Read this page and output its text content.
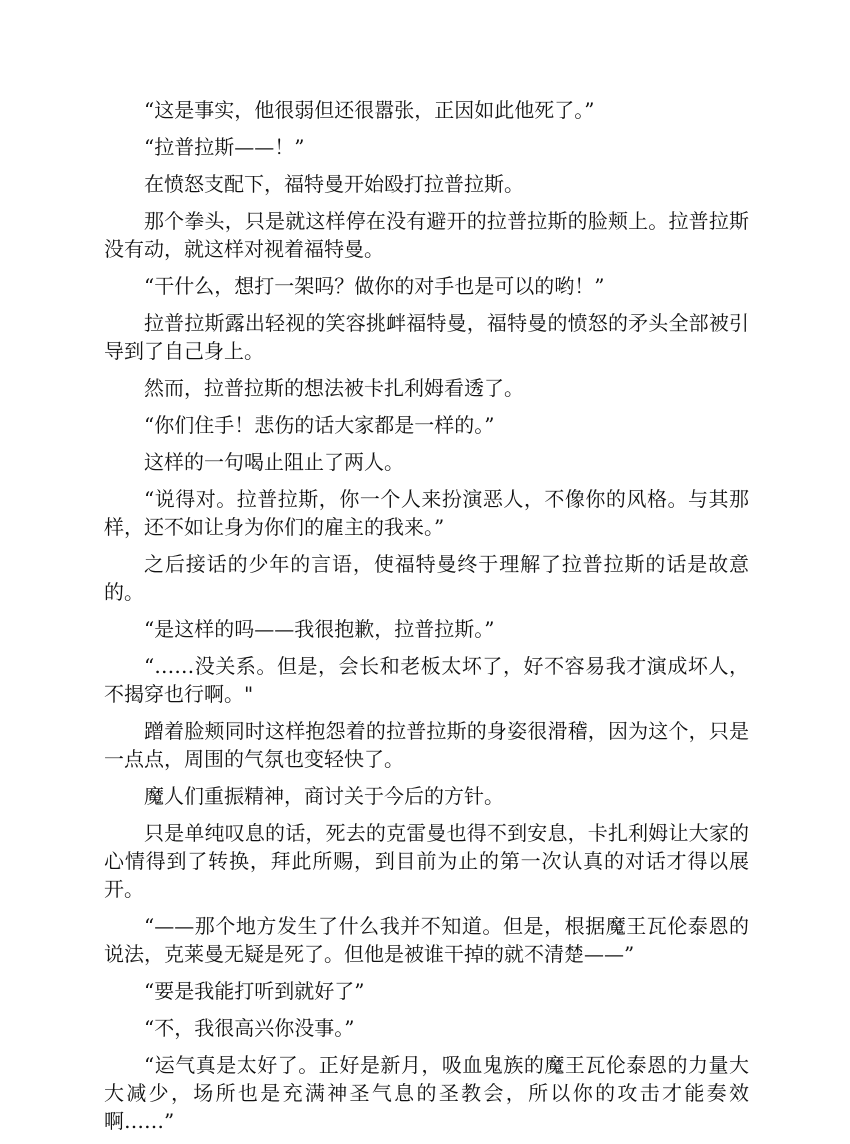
“这是事实，他很弱但还很嚣张，正因如此他死了。”

“拉普拉斯——！”

在愤怒支配下，福特曼开始殴打拉普拉斯。

那个拳头，只是就这样停在没有避开的拉普拉斯的脸颊上。拉普拉斯没有动，就这样对视着福特曼。

“干什么，想打一架吗？做你的对手也是可以的哟！”

拉普拉斯露出轻视的笑容挑衅福特曼，福特曼的愤怒的矛头全部被引导到了自己身上。

然而，拉普拉斯的想法被卡扎利姆看透了。

“你们住手！悲伤的话大家都是一样的。”

这样的一句喝止阻止了两人。

“说得对。拉普拉斯，你一个人来扮演恶人，不像你的风格。与其那样，还不如让身为你们的雇主的我来。”

之后接话的少年的言语，使福特曼终于理解了拉普拉斯的话是故意的。

“是这样的吗——我很抱歉，拉普拉斯。”

“……没关系。但是，会长和老板太坏了，好不容易我才演成坏人，不揭穿也行啊。"

蹭着脸颊同时这样抱怨着的拉普拉斯的身姿很滑稽，因为这个，只是一点点，周围的气氛也变轻快了。

魔人们重振精神，商讨关于今后的方针。

只是单纯叹息的话，死去的克雷曼也得不到安息，卡扎利姆让大家的心情得到了转换，拜此所赐，到目前为止的第一次认真的对话才得以展开。

“——那个地方发生了什么我并不知道。但是，根据魔王瓦伦泰恩的说法，克莱曼无疑是死了。但他是被谁干掉的就不清楚——”

“要是我能打听到就好了”

“不，我很高兴你没事。”

“运气真是太好了。正好是新月，吸血鬼族的魔王瓦伦泰恩的力量大大减少，场所也是充满神圣气息的圣教会，所以你的攻击才能奏效啊……”
